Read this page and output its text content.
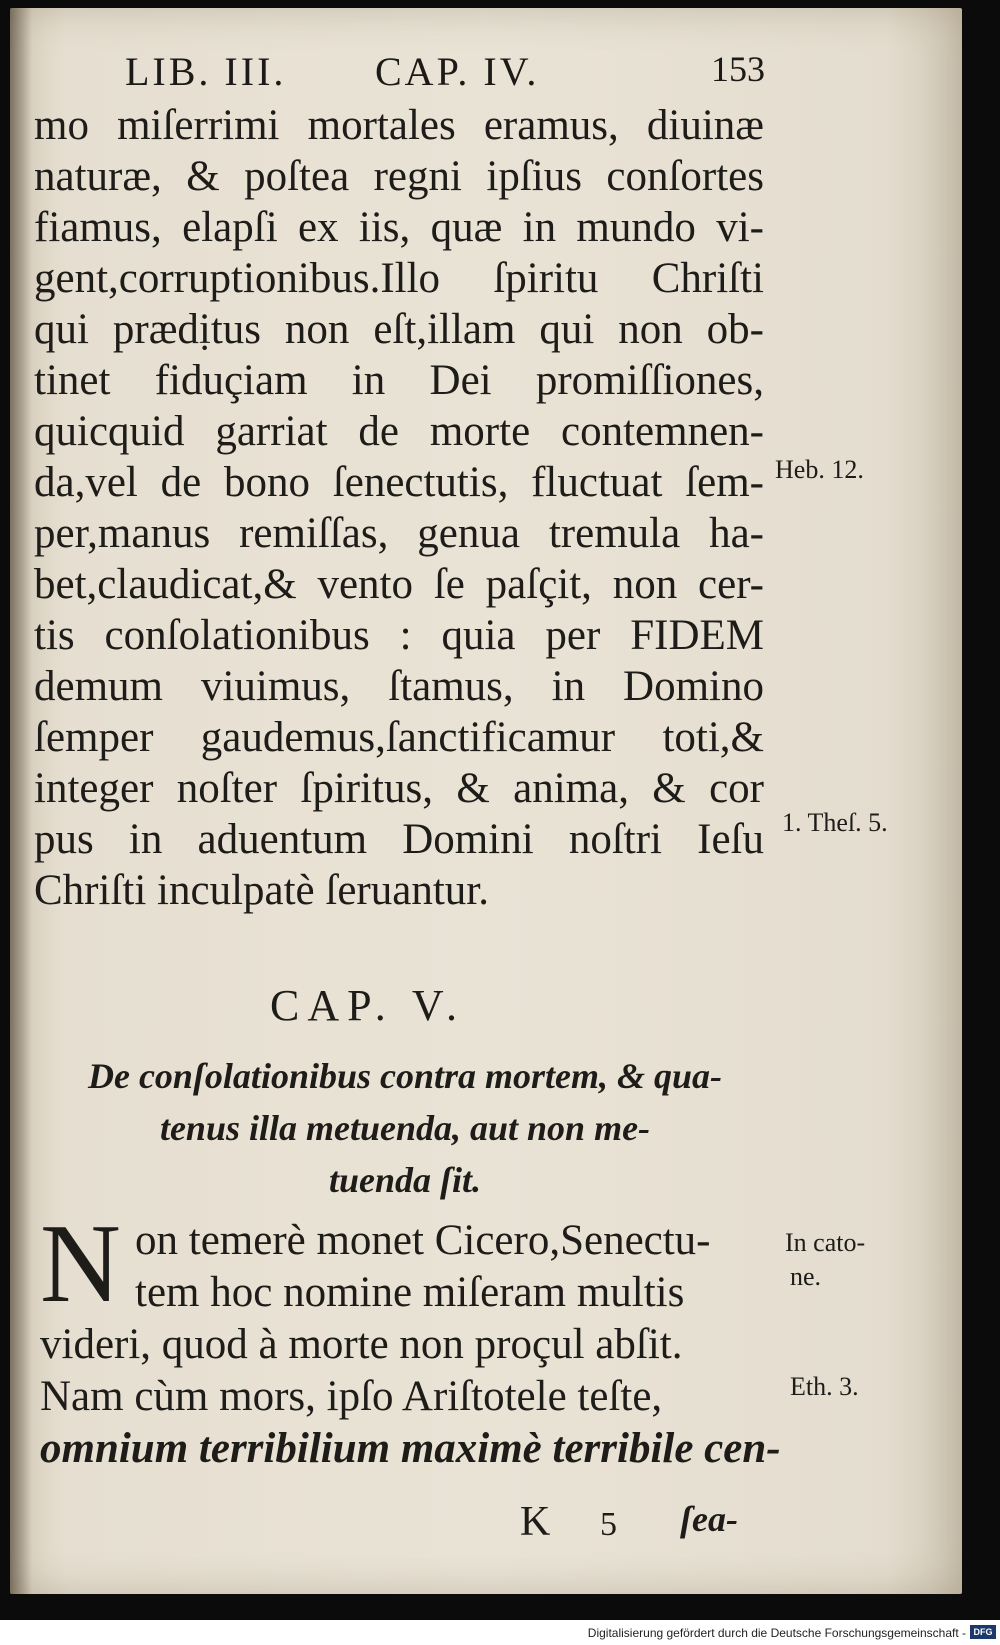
LIB. III. CAP. IV.	153
mo miſerrimi mortales eramus, diuinæ
naturæ, & poſtea regni ipſius conſortes
fiamus, elapſi ex iis, quæ in mundo vi-
gent,corruptionibus.Illo ſpiritu Chriſti
qui prædịtus non eſt,illam qui non ob-
tinet fiduçiam in Dei promiſſiones,
quicquid garriat de morte contemnen-
da,vel de bono ſenectutis, fluctuat ſem-
per,manus remiſſas, genua tremula ha-
bet,claudicat,& vento ſe paſçit, non cer-
tis conſolationibus : quia per FIDEM
demum viuimus, ſtamus, in Domino
ſemper gaudemus,ſanctificamur toti,&
integer noſter ſpiritus, & anima, & cor
pus in aduentum Domini noſtri Ieſu
Chriſti inculpatè ſeruantur.
Heb. 12.
1. Theſ. 5.
CAP. V.
De conſolationibus contra mortem, & qua-
tenus illa metuenda, aut non me-
tuenda ſit.
N on temerè monet Cicero,Senectu-
tem hoc nomine miſeram multis
videri, quod à morte non proçul abſit.
Nam cùm mors, ipſo Ariſtotele teſte,
omnium terribilium maximè terribile cen-
In cato-
ne.
Eth. 3.
K 5 ſea-
Digitalisierung gefördert durch die Deutsche Forschungsgemeinschaft - DFG
